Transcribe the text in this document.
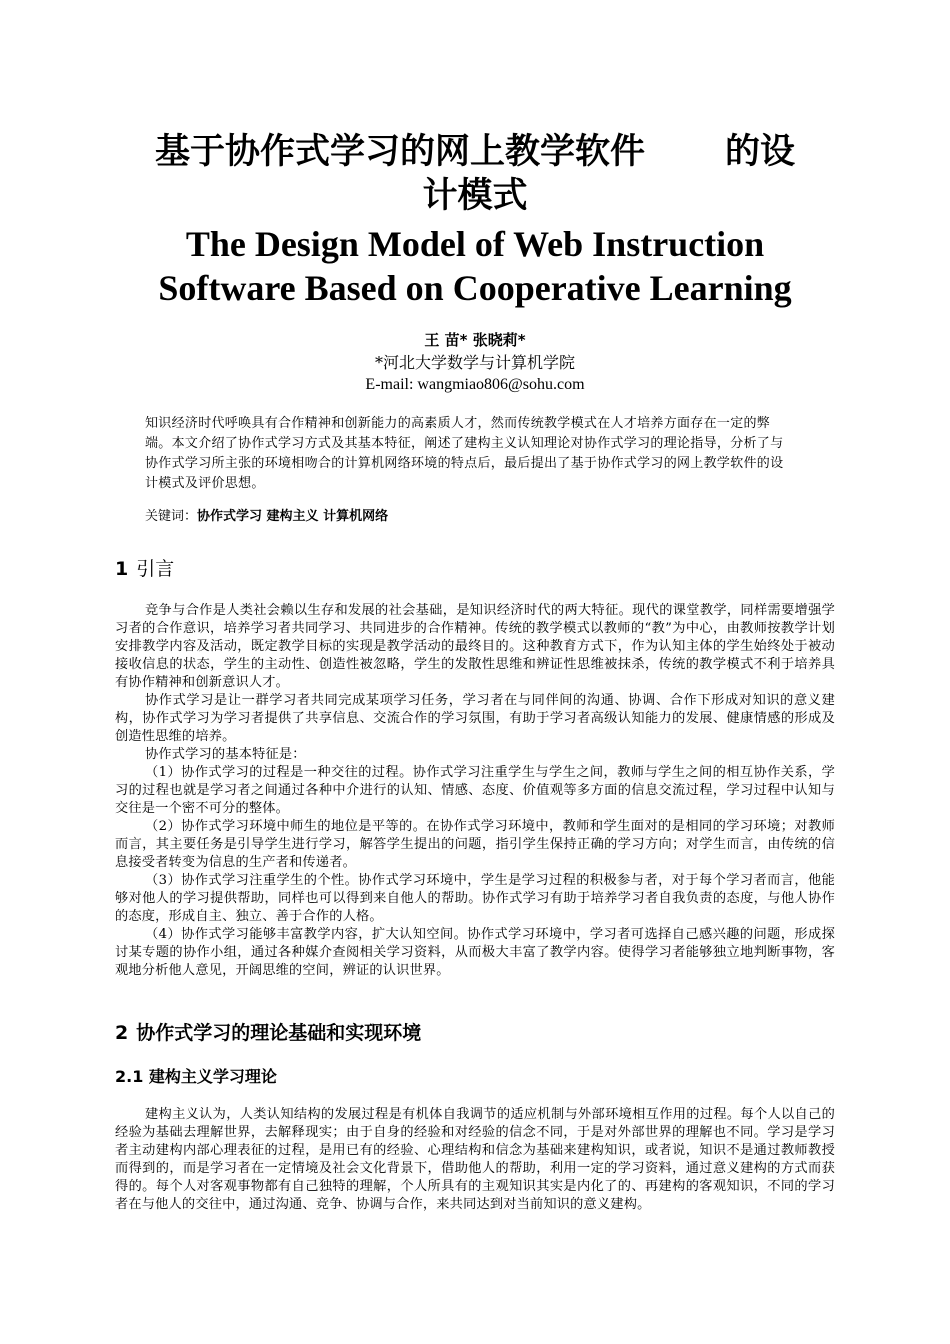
基于协作式学习的网上教学软件 的设
计模式
The Design Model of Web Instruction
Software Based on Cooperative Learning
王 苗* 张晓莉*
*河北大学数学与计算机学院
E-mail: wangmiao806@sohu.com
知识经济时代呼唤具有合作精神和创新能力的高素质人才，然而传统教学模式在人才培养方面存在一定的弊端。本文介绍了协作式学习方式及其基本特征，阐述了建构主义认知理论对协作式学习的理论指导，分析了与协作式学习所主张的环境相吻合的计算机网络环境的特点后，最后提出了基于协作式学习的网上教学软件的设计模式及评价思想。
关键词：协作式学习 建构主义 计算机网络
1 引言

竞争与合作是人类社会赖以生存和发展的社会基础，是知识经济时代的两大特征。现代的课堂教学，同样需要增强学习者的合作意识，培养学习者共同学习、共同进步的合作精神。传统的教学模式以教师的“教”为中心，由教师按教学计划安排教学内容及活动，既定教学目标的实现是教学活动的最终目的。这种教育方式下，作为认知主体的学生始终处于被动接收信息的状态，学生的主动性、创造性被忽略，学生的发散性思维和辨证性思维被抹杀，传统的教学模式不利于培养具有协作精神和创新意识人才。

协作式学习是让一群学习者共同完成某项学习任务，学习者在与同伴间的沟通、协调、合作下形成对知识的意义建构，协作式学习为学习者提供了共享信息、交流合作的学习氛围，有助于学习者高级认知能力的发展、健康情感的形成及创造性思维的培养。

协作式学习的基本特征是：

（1）协作式学习的过程是一种交往的过程。协作式学习注重学生与学生之间，教师与学生之间的相互协作关系，学习的过程也就是学习者之间通过各种中介进行的认知、情感、态度、价值观等多方面的信息交流过程，学习过程中认知与交往是一个密不可分的整体。

（2）协作式学习环境中师生的地位是平等的。在协作式学习环境中，教师和学生面对的是相同的学习环境；对教师而言，其主要任务是引导学生进行学习，解答学生提出的问题，指引学生保持正确的学习方向；对学生而言，由传统的信息接受者转变为信息的生产者和传递者。

（3）协作式学习注重学生的个性。协作式学习环境中，学生是学习过程的积极参与者，对于每个学习者而言，他能够对他人的学习提供帮助，同样也可以得到来自他人的帮助。协作式学习有助于培养学习者自我负责的态度，与他人协作的态度，形成自主、独立、善于合作的人格。

（4）协作式学习能够丰富教学内容，扩大认知空间。协作式学习环境中，学习者可选择自己感兴趣的问题，形成探讨某专题的协作小组，通过各种媒介查阅相关学习资料，从而极大丰富了教学内容。使得学习者能够独立地判断事物，客观地分析他人意见，开阔思维的空间，辨证的认识世界。

2 协作式学习的理论基础和实现环境
2.1 建构主义学习理论

建构主义认为，人类认知结构的发展过程是有机体自我调节的适应机制与外部环境相互作用的过程。每个人以自己的经验为基础去理解世界，去解释现实；由于自身的经验和对经验的信念不同，于是对外部世界的理解也不同。学习是学习者主动建构内部心理表征的过程，是用已有的经验、心理结构和信念为基础来建构知识，或者说，知识不是通过教师教授而得到的，而是学习者在一定情境及社会文化背景下，借助他人的帮助，利用一定的学习资料，通过意义建构的方式而获得的。每个人对客观事物都有自己独特的理解，个人所具有的主观知识其实是内化了的、再建构的客观知识，不同的学习者在与他人的交往中，通过沟通、竞争、协调与合作，来共同达到对当前知识的意义建构。
